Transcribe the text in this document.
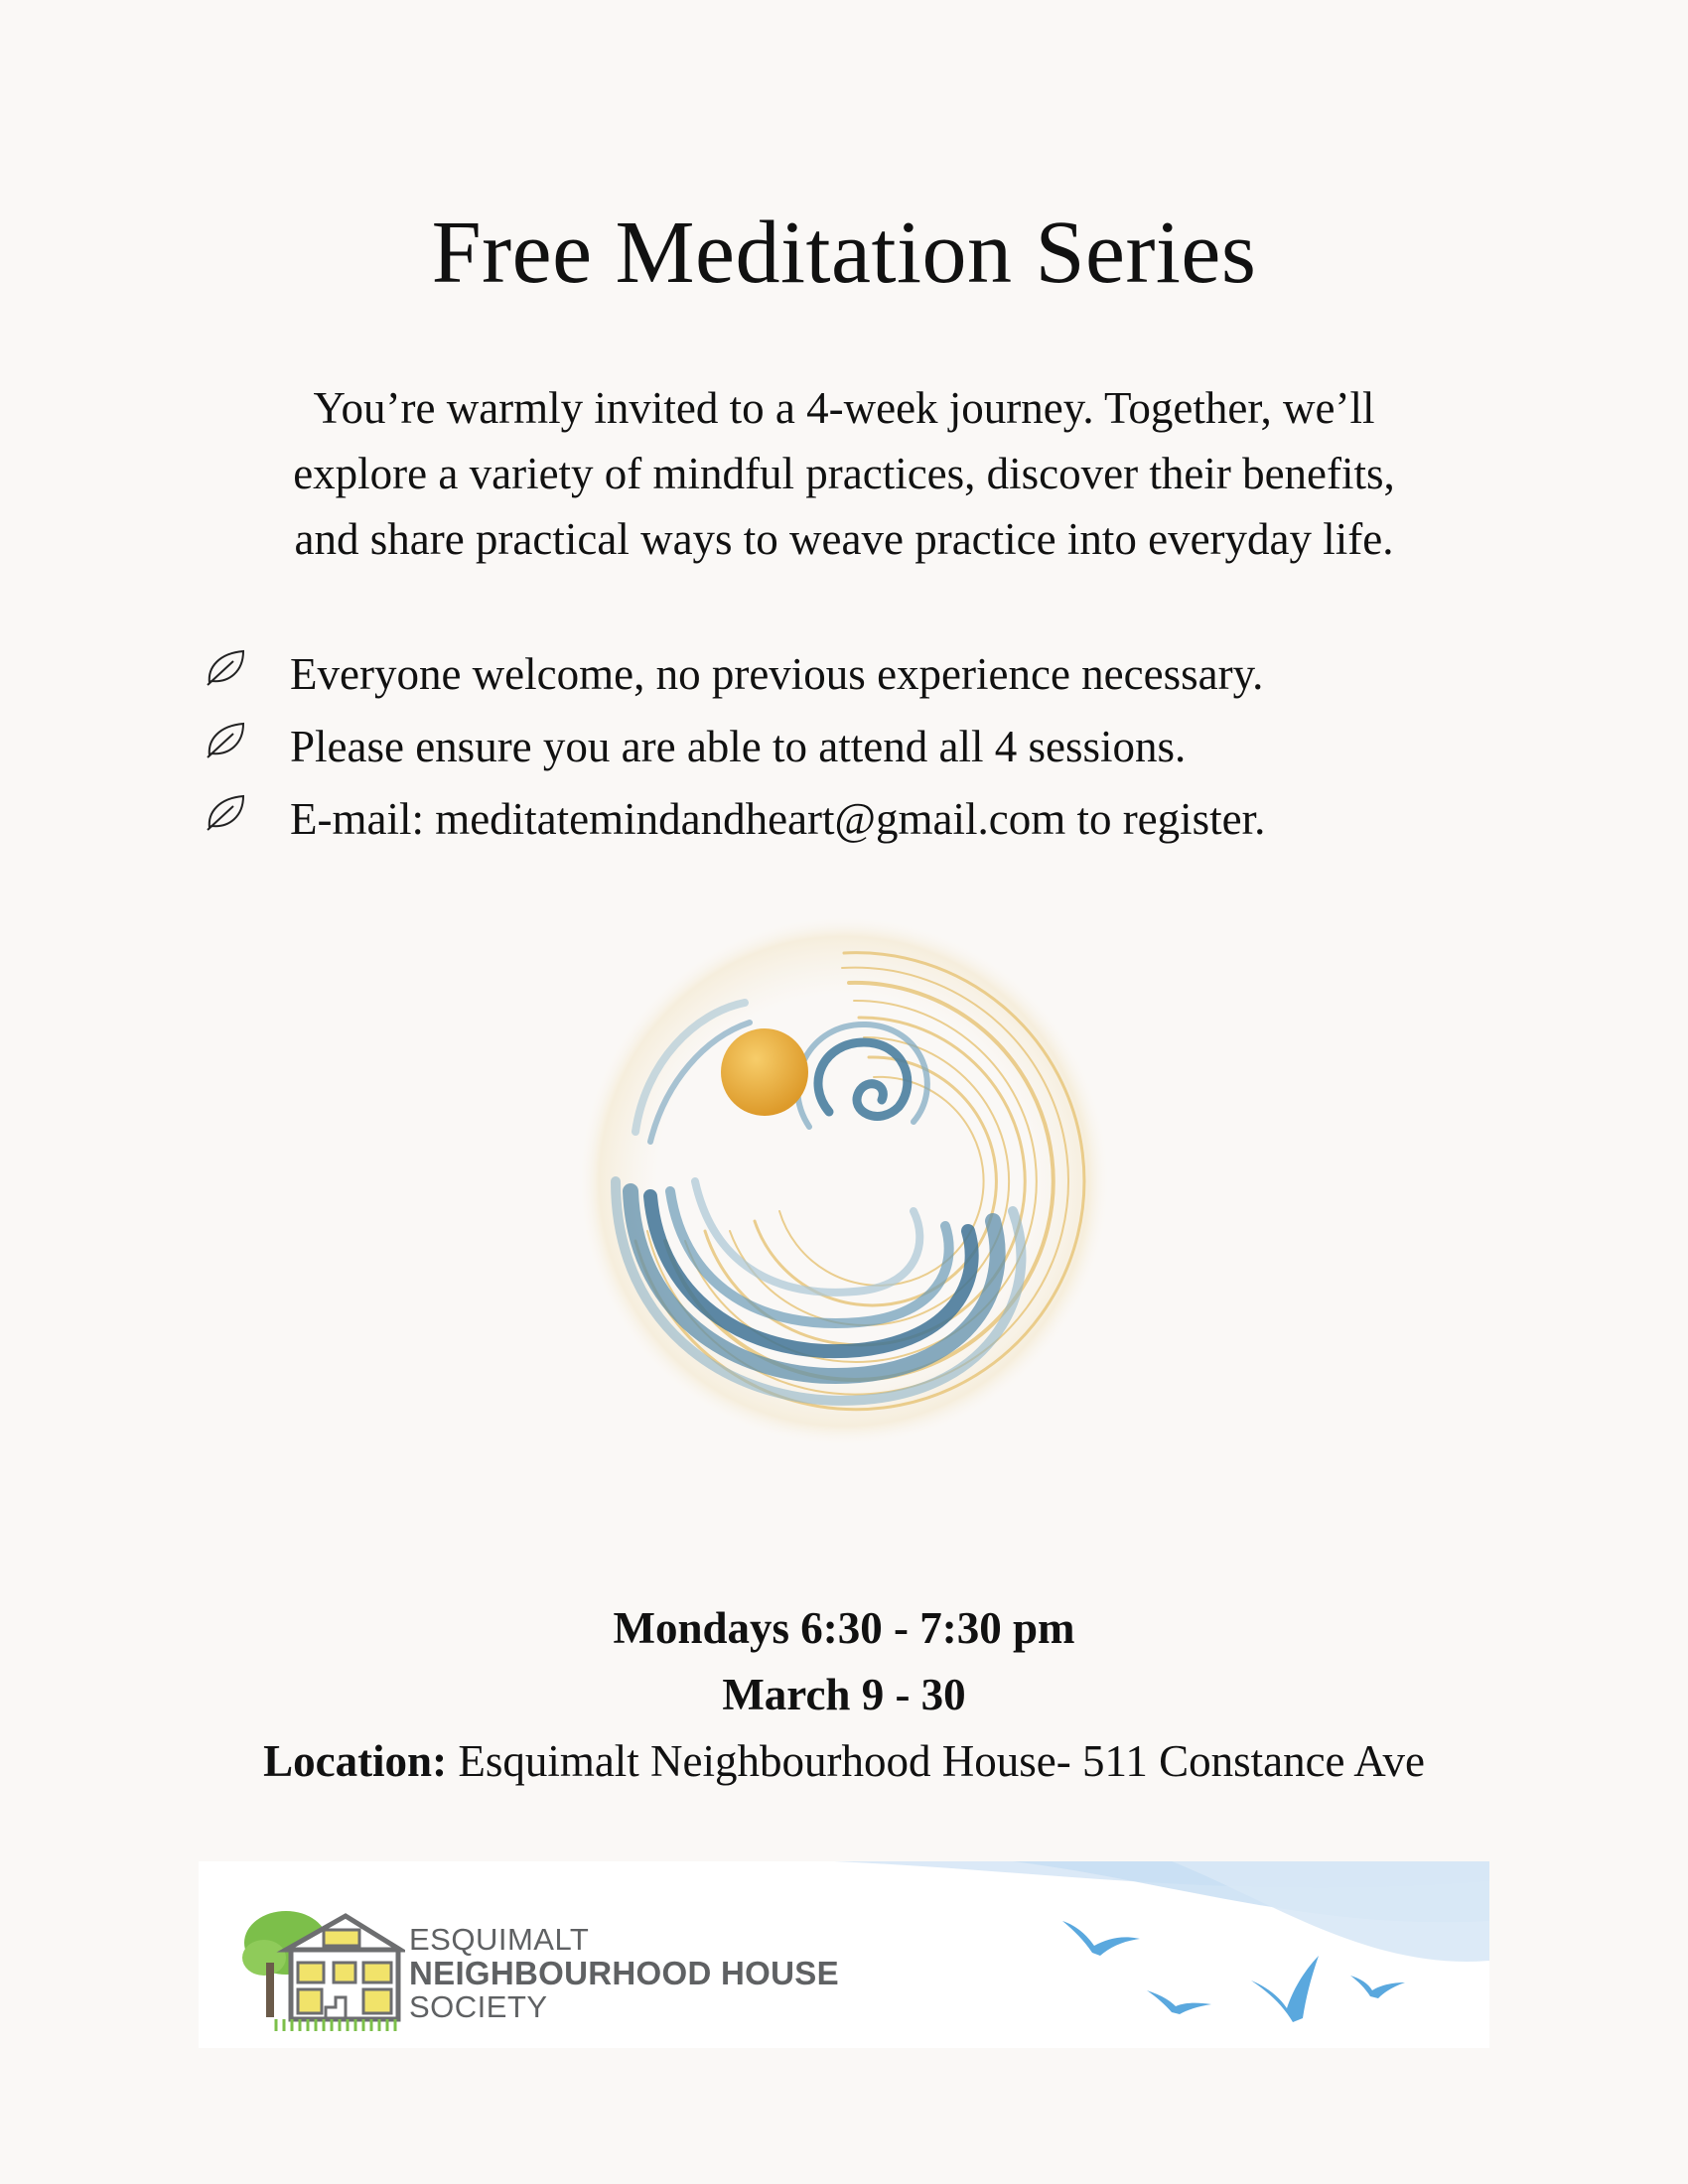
Free Meditation Series
You’re warmly invited to a 4-week journey. Together, we’ll
explore a variety of mindful practices, discover their benefits,
and share practical ways to weave practice into everyday life.
Everyone welcome, no previous experience necessary.
Please ensure you are able to attend all 4 sessions.
E-mail: meditatemindandheart@gmail.com to register.
Mondays 6:30 - 7:30 pm
March 9 - 30
Location: Esquimalt Neighbourhood House- 511 Constance Ave
ESQUIMALT
NEIGHBOURHOOD HOUSE
SOCIETY
